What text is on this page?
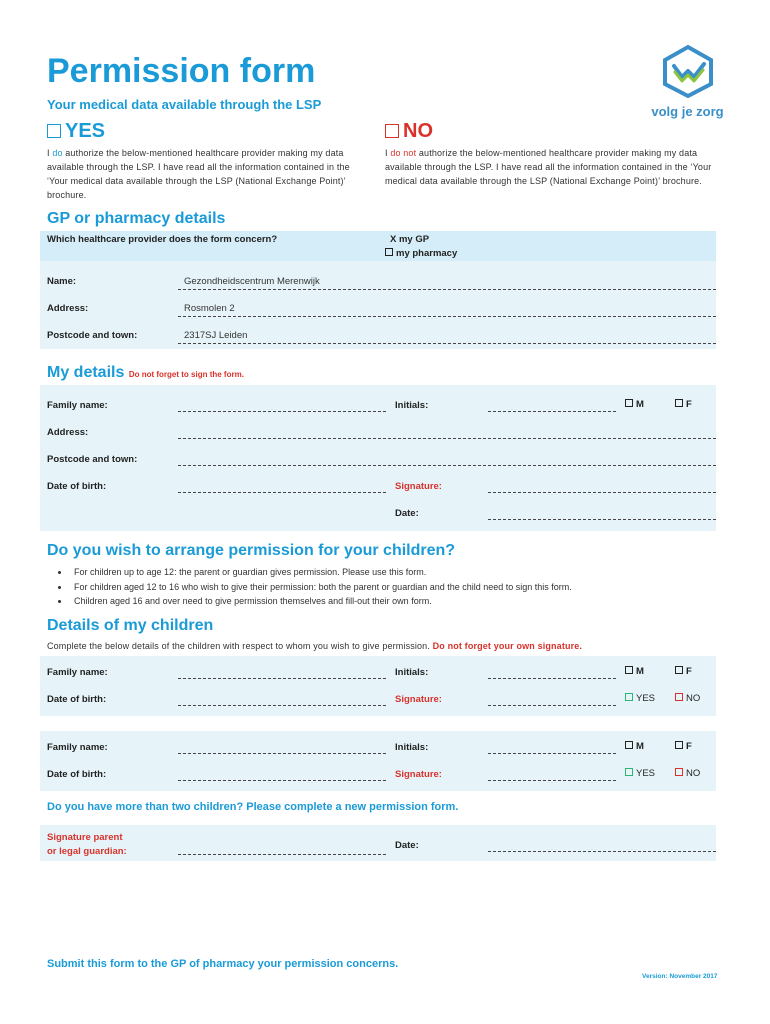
Permission form
Your medical data available through the LSP	volg je zorg
YES
I do authorize the below-mentioned healthcare provider making my data available through the LSP. I have read all the information contained in the ‘Your medical data available through the LSP (National Exchange Point)’ brochure.
NO
I do not authorize the below-mentioned healthcare provider making my data available through the LSP. I have read all the information contained in the ‘Your medical data available through the LSP (National Exchange Point)’ brochure.
GP or pharmacy details
Which healthcare provider does the form concern?	X my GP
my pharmacy
Name:	Gezondheidscentrum Merenwijk
Address:	Rosmolen 2
Postcode and town:	2317SJ Leiden
My details Do not forget to sign the form.
Family name:	Initials:	M	F
Address:
Postcode and town:
Date of birth:	Signature:
Date:
Do you wish to arrange permission for your children?
• For children up to age 12: the parent or guardian gives permission. Please use this form.
• For children aged 12 to 16 who wish to give their permission: both the parent or guardian and the child need to sign this form.
• Children aged 16 and over need to give permission themselves and fill-out their own form.
Details of my children
Complete the below details of the children with respect to whom you wish to give permission. Do not forget your own signature.
Family name:	Initials:	M	F
Date of birth:	Signature:	YES	NO
Family name:	Initials:	M	F
Date of birth:	Signature:	YES	NO
Do you have more than two children? Please complete a new permission form.
Signature parent
or legal guardian:
Date:
Submit this form to the GP of pharmacy your permission concerns.
Version: November 2017
